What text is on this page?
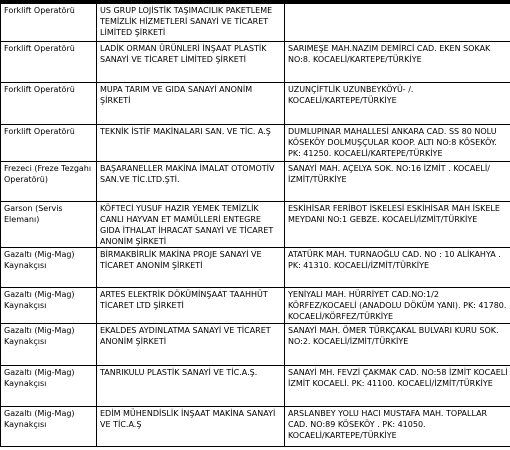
Forklift Operatörü	US GRUP LOJİSTİK TAŞIMACILIK PAKETLEME TEMİZLİK HİZMETLERİ SANAYİ VE TİCARET LİMİTED ŞİRKETİ	
Forklift Operatörü	LADİK ORMAN ÜRÜNLERİ İNŞAAT PLASTİK SANAYİ VE TİCARET LİMİTED ŞİRKETİ	SARIMEŞE MAH.NAZIM DEMİRCİ CAD. EKEN SOKAK NO:8. KOCAELİ/KARTEPE/TÜRKİYE
Forklift Operatörü	MUPA TARIM VE GIDA SANAYİ ANONİM ŞİRKETİ	UZUNÇİFTLİK UZUNBEYKÖYÜ- /. KOCAELİ/KARTEPE/TÜRKİYE
Forklift Operatörü	TEKNİK İSTİF MAKİNALARI SAN. VE TİC. A.Ş	DUMLUPINAR MAHALLESİ ANKARA CAD. SS 80 NOLU KÖSEKÖY DOLMUŞÇULAR KOOP. ALTI NO:8 KÖSEKÖY. PK: 41250. KOCAELİ/KARTEPE/TÜRKİYE
Frezeci (Freze Tezgahı Operatörü)	BAŞARANELLER MAKİNA İMALAT OTOMOTİV SAN.VE TİC.LTD.ŞTİ.	SANAYİ MAH. AÇELYA SOK. NO:16 İZMİT . KOCAELİ/İZMİT/TÜRKİYE
Garson (Servis Elemanı)	KÖFTECİ YUSUF HAZIR YEMEK TEMİZLİK CANLI HAYVAN ET MAMÜLLERİ ENTEGRE GIDA İTHALAT İHRACAT SANAYİ VE TİCARET ANONİM ŞİRKETİ	ESKİHİSAR FERİBOT İSKELESİ ESKİHİSAR MAH İSKELE MEYDANI NO:1 GEBZE. KOCAELİ/İZMİT/TÜRKİYE
Gazaltı (Mig-Mag) Kaynakçısı	BİRMAKBİRLİK MAKİNA PROJE SANAYİ VE TİCARET ANONİM ŞİRKETİ	ATATÜRK MAH. TURNAOĞLU CAD. NO : 10 ALİKAHYA . PK: 41310. KOCAELİ/İZMİT/TÜRKİYE
Gazaltı (Mig-Mag) Kaynakçısı	ARTES ELEKTRİK DÖKÜMİNŞAAT TAAHHÜT TİCARET LTD ŞİRKETİ	YENİYALI MAH. HÜRRİYET CAD.NO:1/2 KÖRFEZ/KOCAELİ (ANADOLU DÖKÜM YANI). PK: 41780. KOCAELİ/KÖRFEZ/TÜRKİYE
Gazaltı (Mig-Mag) Kaynakçısı	EKALDES AYDINLATMA SANAYİ VE TİCARET ANONİM ŞİRKETİ	SANAYİ MAH. ÖMER TÜRKÇAKAL BULVARI KURU SOK. NO:2. KOCAELİ/İZMİT/TÜRKİYE
Gazaltı (Mig-Mag) Kaynakçısı	TANRIKULU PLASTİK SANAYİ VE TİC.A.Ş.	SANAYİ MH. FEVZİ ÇAKMAK CAD. NO:58 İZMİT KOCAELİ İZMİT KOCAELİ. PK: 41100. KOCAELİ/İZMİT/TÜRKİYE
Gazaltı (Mig-Mag) Kaynakçısı	EDİM MÜHENDİSLİK İNŞAAT MAKİNA SANAYİ VE TİC.A.Ş	ARSLANBEY YOLU HACI MUSTAFA MAH. TOPALLAR CAD. NO:89 KÖSEKÖY . PK: 41050. KOCAELİ/KARTEPE/TÜRKİYE
